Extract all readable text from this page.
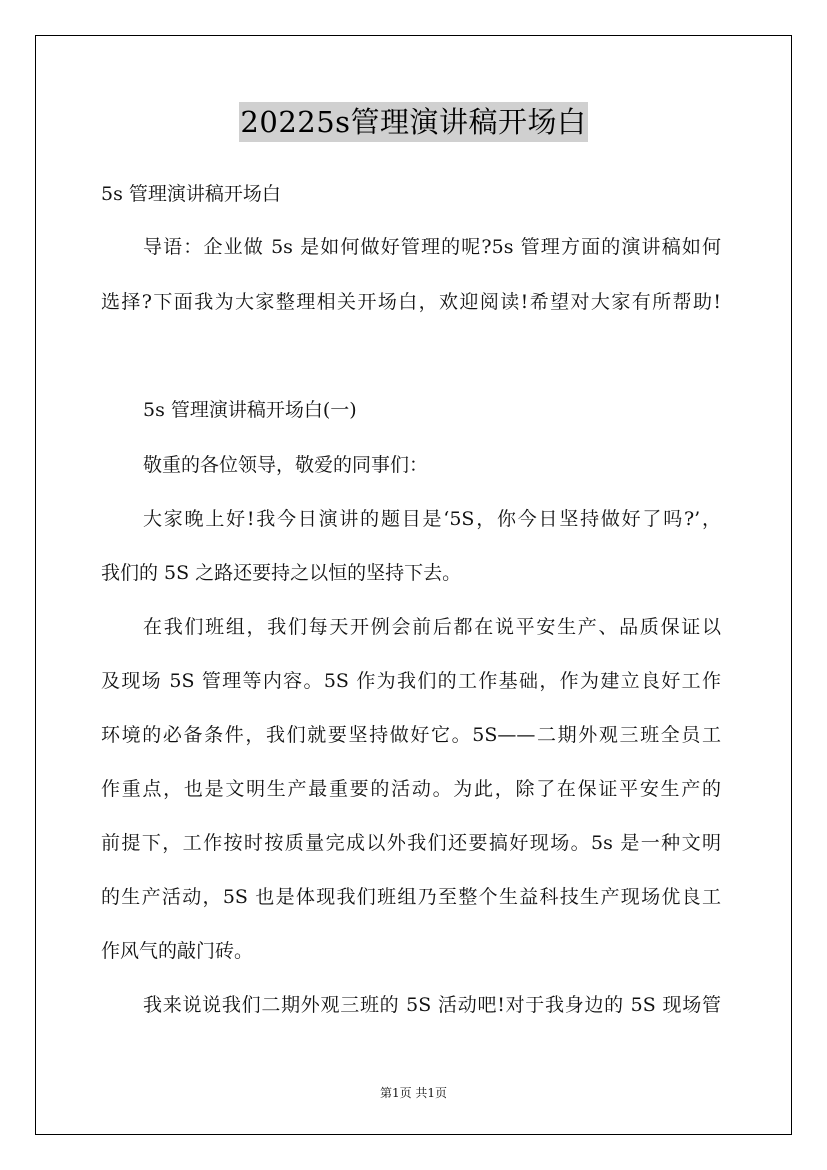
20225s管理演讲稿开场白
5s 管理演讲稿开场白
导语：企业做 5s 是如何做好管理的呢?5s 管理方面的演讲稿如何
选择?下面我为大家整理相关开场白，欢迎阅读!希望对大家有所帮助!
5s 管理演讲稿开场白(一)
敬重的各位领导，敬爱的同事们：
大家晚上好!我今日演讲的题目是‘5S，你今日坚持做好了吗?’，
我们的 5S 之路还要持之以恒的坚持下去。
在我们班组，我们每天开例会前后都在说平安生产、品质保证以
及现场 5S 管理等内容。5S 作为我们的工作基础，作为建立良好工作
环境的必备条件，我们就要坚持做好它。5S——二期外观三班全员工
作重点，也是文明生产最重要的活动。为此，除了在保证平安生产的
前提下，工作按时按质量完成以外我们还要搞好现场。5s 是一种文明
的生产活动，5S 也是体现我们班组乃至整个生益科技生产现场优良工
作风气的敲门砖。
我来说说我们二期外观三班的 5S 活动吧!对于我身边的 5S 现场管
第1页 共1页
